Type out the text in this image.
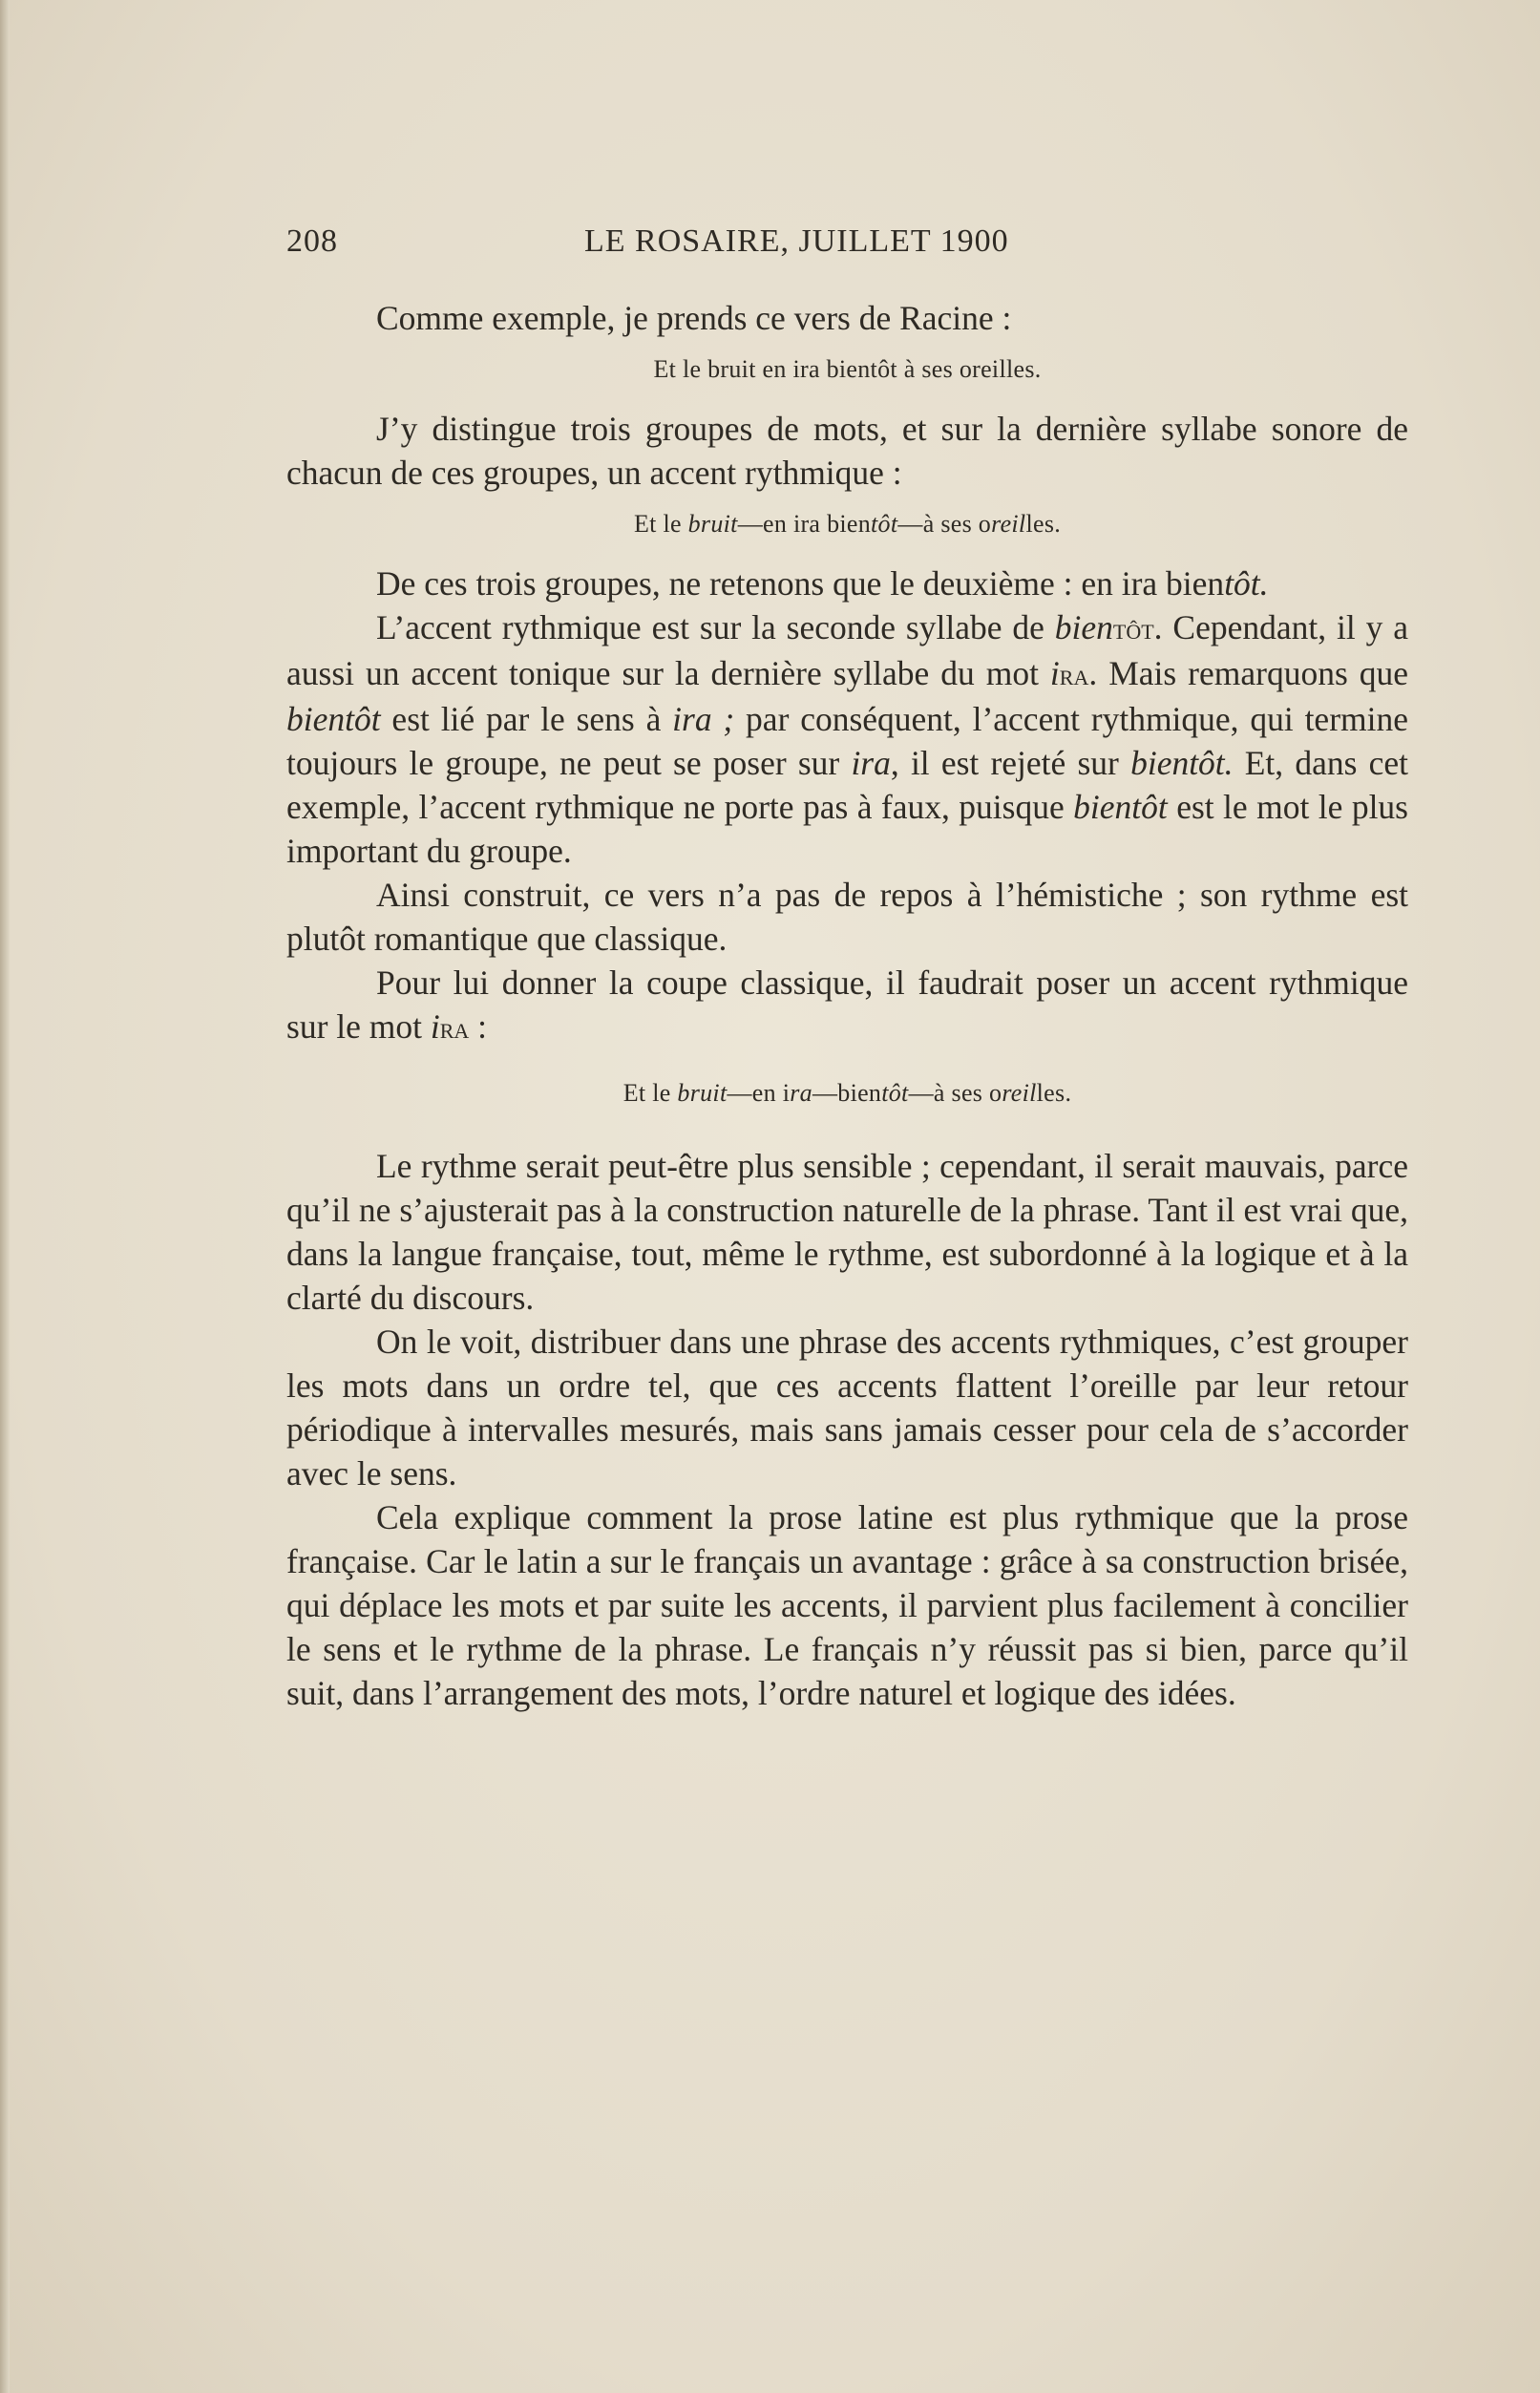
208	LE ROSAIRE, JUILLET 1900

Comme exemple, je prends ce vers de Racine :

Et le bruit en ira bientôt à ses oreilles.

J’y distingue trois groupes de mots, et sur la dernière syllabe sonore de chacun de ces groupes, un accent rythmique :

Et le bruit—en ira bientôt—à ses oreilles.

De ces trois groupes, ne retenons que le deuxième : en ira bientôt.

L’accent rythmique est sur la seconde syllabe de bientôt. Cependant, il y a aussi un accent tonique sur la dernière syllabe du mot ira. Mais remarquons que bientôt est lié par le sens à ira ; par conséquent, l’accent rythmique, qui termine toujours le groupe, ne peut se poser sur ira, il est rejeté sur bientôt. Et, dans cet exemple, l’accent rythmique ne porte pas à faux, puisque bientôt est le mot le plus important du groupe.

Ainsi construit, ce vers n’a pas de repos à l’hémistiche ; son rythme est plutôt romantique que classique.

Pour lui donner la coupe classique, il faudrait poser un accent rythmique sur le mot ira :

Et le bruit—en ira—bientôt—à ses oreilles.

Le rythme serait peut-être plus sensible ; cependant, il serait mauvais, parce qu’il ne s’ajusterait pas à la construction naturelle de la phrase. Tant il est vrai que, dans la langue française, tout, même le rythme, est subordonné à la logique et à la clarté du discours.

On le voit, distribuer dans une phrase des accents rythmiques, c’est grouper les mots dans un ordre tel, que ces accents flattent l’oreille par leur retour périodique à intervalles mesurés, mais sans jamais cesser pour cela de s’accorder avec le sens.

Cela explique comment la prose latine est plus rythmique que la prose française. Car le latin a sur le français un avantage : grâce à sa construction brisée, qui déplace les mots et par suite les accents, il parvient plus facilement à concilier le sens et le rythme de la phrase. Le français n’y réussit pas si bien, parce qu’il suit, dans l’arrangement des mots, l’ordre naturel et logique des idées.
